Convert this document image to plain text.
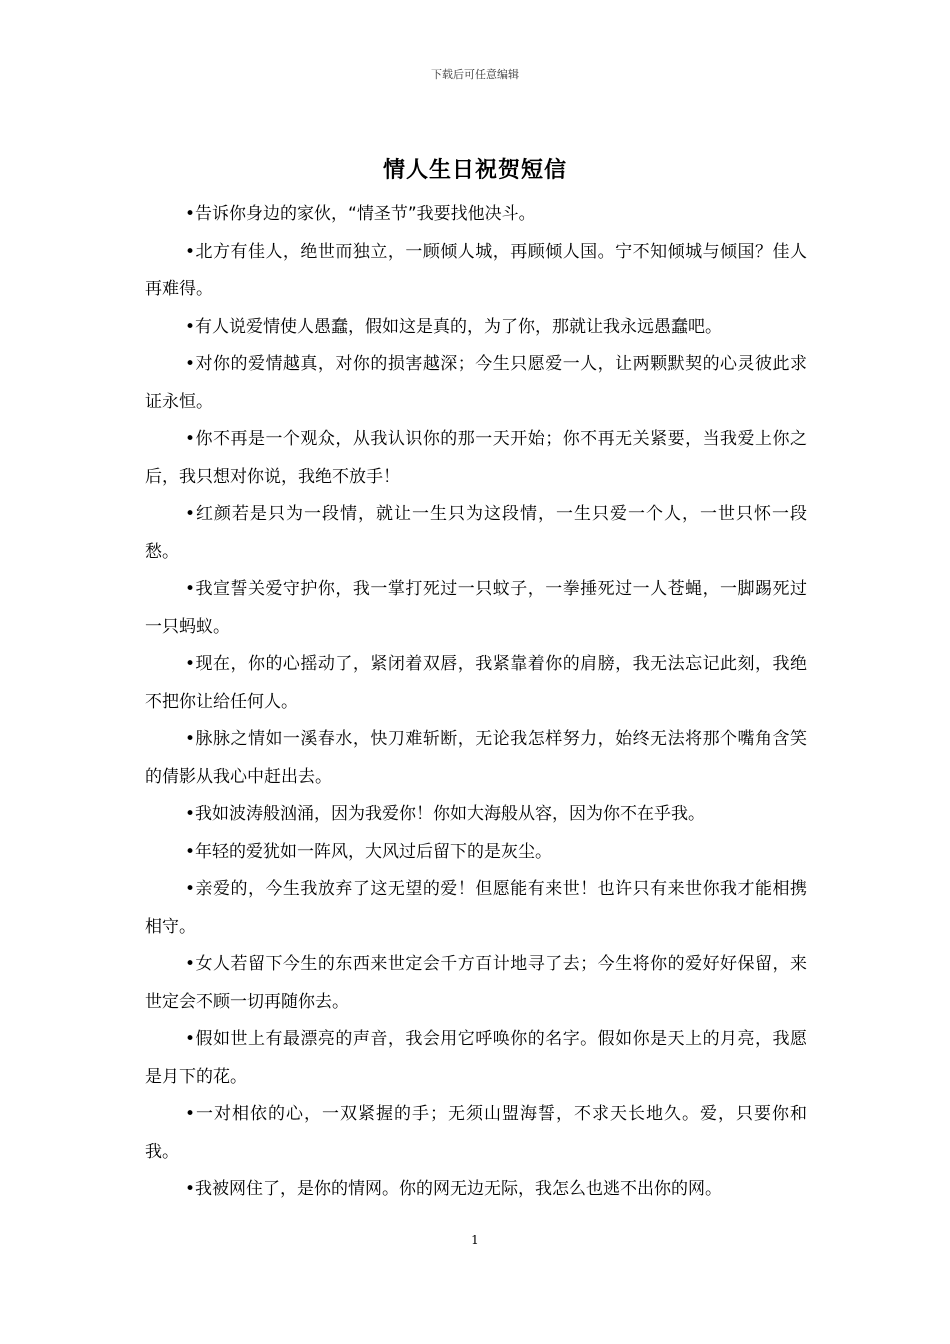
下载后可任意编辑
情人生日祝贺短信

•告诉你身边的家伙，“情圣节”我要找他决斗。

•北方有佳人，绝世而独立，一顾倾人城，再顾倾人国。宁不知倾城与倾国？佳人再难得。

•有人说爱情使人愚蠢，假如这是真的，为了你，那就让我永远愚蠢吧。

•对你的爱情越真，对你的损害越深；今生只愿爱一人，让两颗默契的心灵彼此求证永恒。

•你不再是一个观众，从我认识你的那一天开始；你不再无关紧要，当我爱上你之后，我只想对你说，我绝不放手！

•红颜若是只为一段情，就让一生只为这段情，一生只爱一个人，一世只怀一段愁。

•我宣誓关爱守护你，我一掌打死过一只蚊子，一拳捶死过一人苍蝇，一脚踢死过一只蚂蚁。

•现在，你的心摇动了，紧闭着双唇，我紧靠着你的肩膀，我无法忘记此刻，我绝不把你让给任何人。

•脉脉之情如一溪春水，快刀难斩断，无论我怎样努力，始终无法将那个嘴角含笑的倩影从我心中赶出去。

•我如波涛般汹涌，因为我爱你！你如大海般从容，因为你不在乎我。

•年轻的爱犹如一阵风，大风过后留下的是灰尘。

•亲爱的，今生我放弃了这无望的爱！但愿能有来世！也许只有来世你我才能相携相守。

•女人若留下今生的东西来世定会千方百计地寻了去；今生将你的爱好好保留，来世定会不顾一切再随你去。

•假如世上有最漂亮的声音，我会用它呼唤你的名字。假如你是天上的月亮，我愿是月下的花。

•一对相依的心，一双紧握的手；无须山盟海誓，不求天长地久。爱，只要你和我。

•我被网住了，是你的情网。你的网无边无际，我怎么也逃不出你的网。

1
